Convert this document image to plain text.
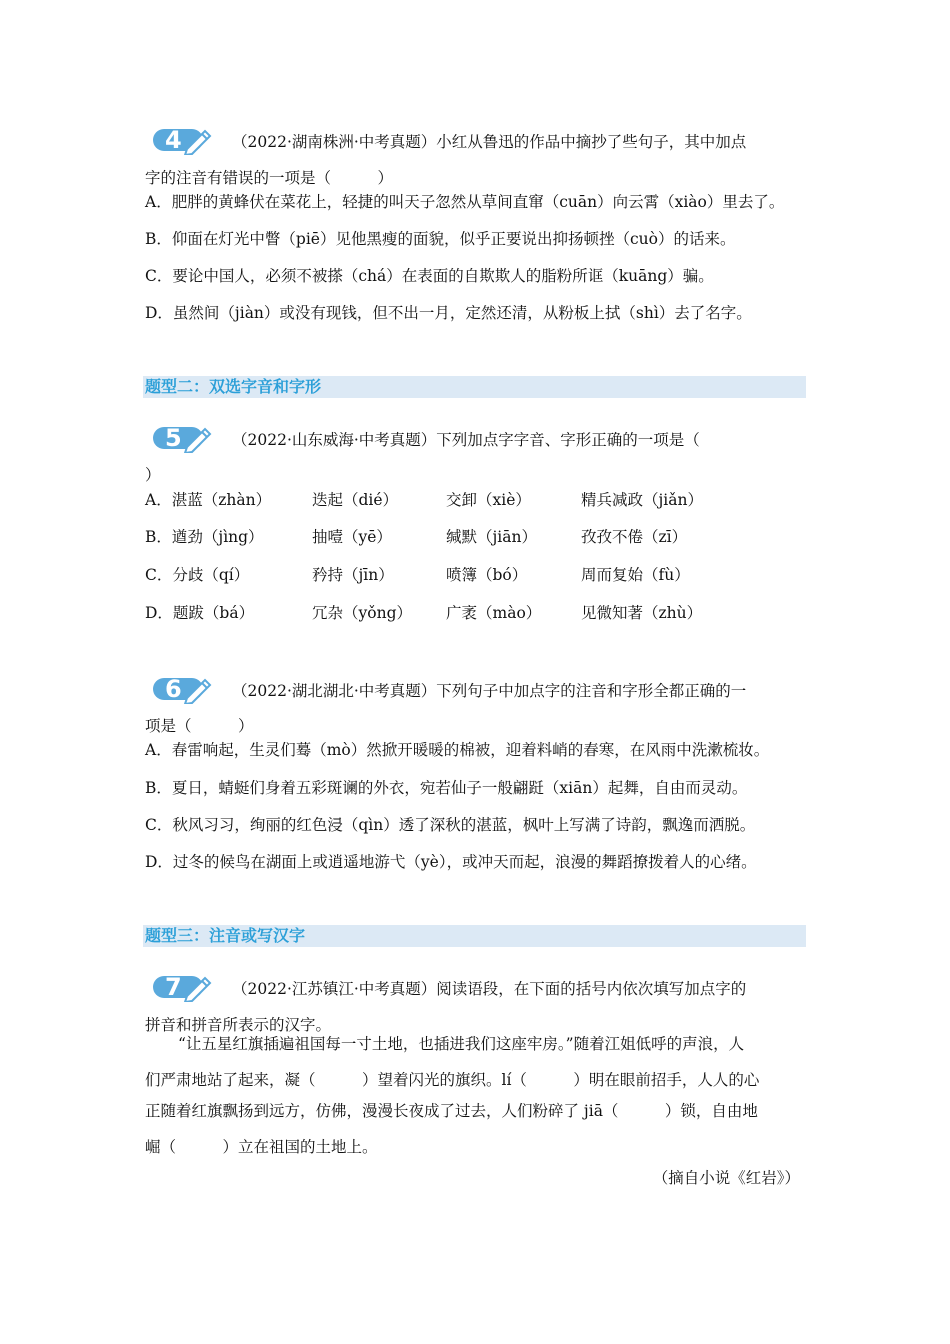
4	（2022·湖南株洲·中考真题）小红从鲁迅的作品中摘抄了些句子，其中加点
字的注音有错误的一项是（　　　）
A．肥胖的黄蜂伏在菜花上，轻捷的叫天子忽然从草间直窜（cuān）向云霄（xiào）里去了。
B．仰面在灯光中瞥（piē）见他黑瘦的面貌，似乎正要说出抑扬顿挫（cuò）的话来。
C．要论中国人，必须不被搽（chá）在表面的自欺欺人的脂粉所诓（kuāng）骗。
D．虽然间（jiàn）或没有现钱，但不出一月，定然还清，从粉板上拭（shì）去了名字。
题型二：双选字音和字形
5	（2022·山东威海·中考真题）下列加点字字音、字形正确的一项是（
）
A．湛蓝（zhàn）	迭起（dié）	交卸（xiè）	精兵减政（jiǎn）
B．遒劲（jìng）	抽噎（yē）	缄默（jiān）	孜孜不倦（zī）
C．分歧（qí）	矜持（jīn）	喷簿（bó）	周而复始（fù）
D．题跋（bá）	冗杂（yǒng） 广袤（mào）	见微知著（zhù）
6	（2022·湖北湖北·中考真题）下列句子中加点字的注音和字形全都正确的一
项是（　　　）
A．春雷响起，生灵们蓦（mò）然掀开暖暖的棉被，迎着料峭的春寒，在风雨中洗漱梳妆。
B．夏日，蜻蜓们身着五彩斑谰的外衣，宛若仙子一般翩跹（xiān）起舞，自由而灵动。
C．秋风习习，绚丽的红色浸（qìn）透了深秋的湛蓝，枫叶上写满了诗韵，飘逸而洒脱。
D．过冬的候鸟在湖面上或逍遥地游弋（yè），或冲天而起，浪漫的舞蹈撩拨着人的心绪。
题型三：注音或写汉字
7	（2022·江苏镇江·中考真题）阅读语段，在下面的括号内依次填写加点字的
拼音和拼音所表示的汉字。
“让五星红旗插遍祖国每一寸土地，也插进我们这座牢房。”随着江姐低呼的声浪，人
们严肃地站了起来，凝（　　　）望着闪光的旗织。lí（　　　）明在眼前招手，人人的心
正随着红旗飘扬到远方，仿佛，漫漫长夜成了过去，人们粉碎了 jiā（　　　）锁，自由地
崛（　　　）立在祖国的土地上。
（摘自小说《红岩》）
